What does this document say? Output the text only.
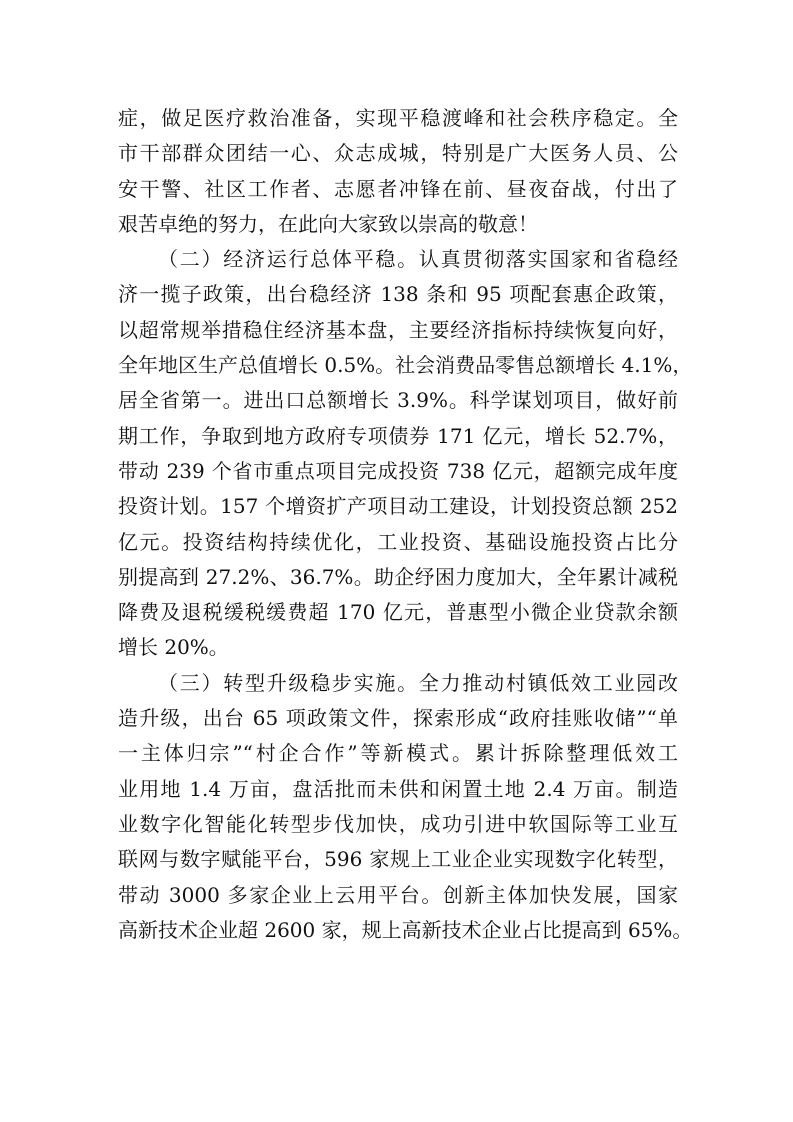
症，做足医疗救治准备，实现平稳渡峰和社会秩序稳定。全
市干部群众团结一心、众志成城，特别是广大医务人员、公
安干警、社区工作者、志愿者冲锋在前、昼夜奋战，付出了
艰苦卓绝的努力，在此向大家致以崇高的敬意！
（二）经济运行总体平稳。认真贯彻落实国家和省稳经
济一揽子政策，出台稳经济 138 条和 95 项配套惠企政策，
以超常规举措稳住经济基本盘，主要经济指标持续恢复向好，
全年地区生产总值增长 0.5%。社会消费品零售总额增长 4.1%，
居全省第一。进出口总额增长 3.9%。科学谋划项目，做好前
期工作，争取到地方政府专项债券 171 亿元，增长 52.7%，
带动 239 个省市重点项目完成投资 738 亿元，超额完成年度
投资计划。157 个增资扩产项目动工建设，计划投资总额 252
亿元。投资结构持续优化，工业投资、基础设施投资占比分
别提高到 27.2%、36.7%。助企纾困力度加大，全年累计减税
降费及退税缓税缓费超 170 亿元，普惠型小微企业贷款余额
增长 20%。
（三）转型升级稳步实施。全力推动村镇低效工业园改
造升级，出台 65 项政策文件，探索形成“政府挂账收储”“单
一主体归宗”“村企合作”等新模式。累计拆除整理低效工
业用地 1.4 万亩，盘活批而未供和闲置土地 2.4 万亩。制造
业数字化智能化转型步伐加快，成功引进中软国际等工业互
联网与数字赋能平台，596 家规上工业企业实现数字化转型，
带动 3000 多家企业上云用平台。创新主体加快发展，国家
高新技术企业超 2600 家，规上高新技术企业占比提高到 65%。
